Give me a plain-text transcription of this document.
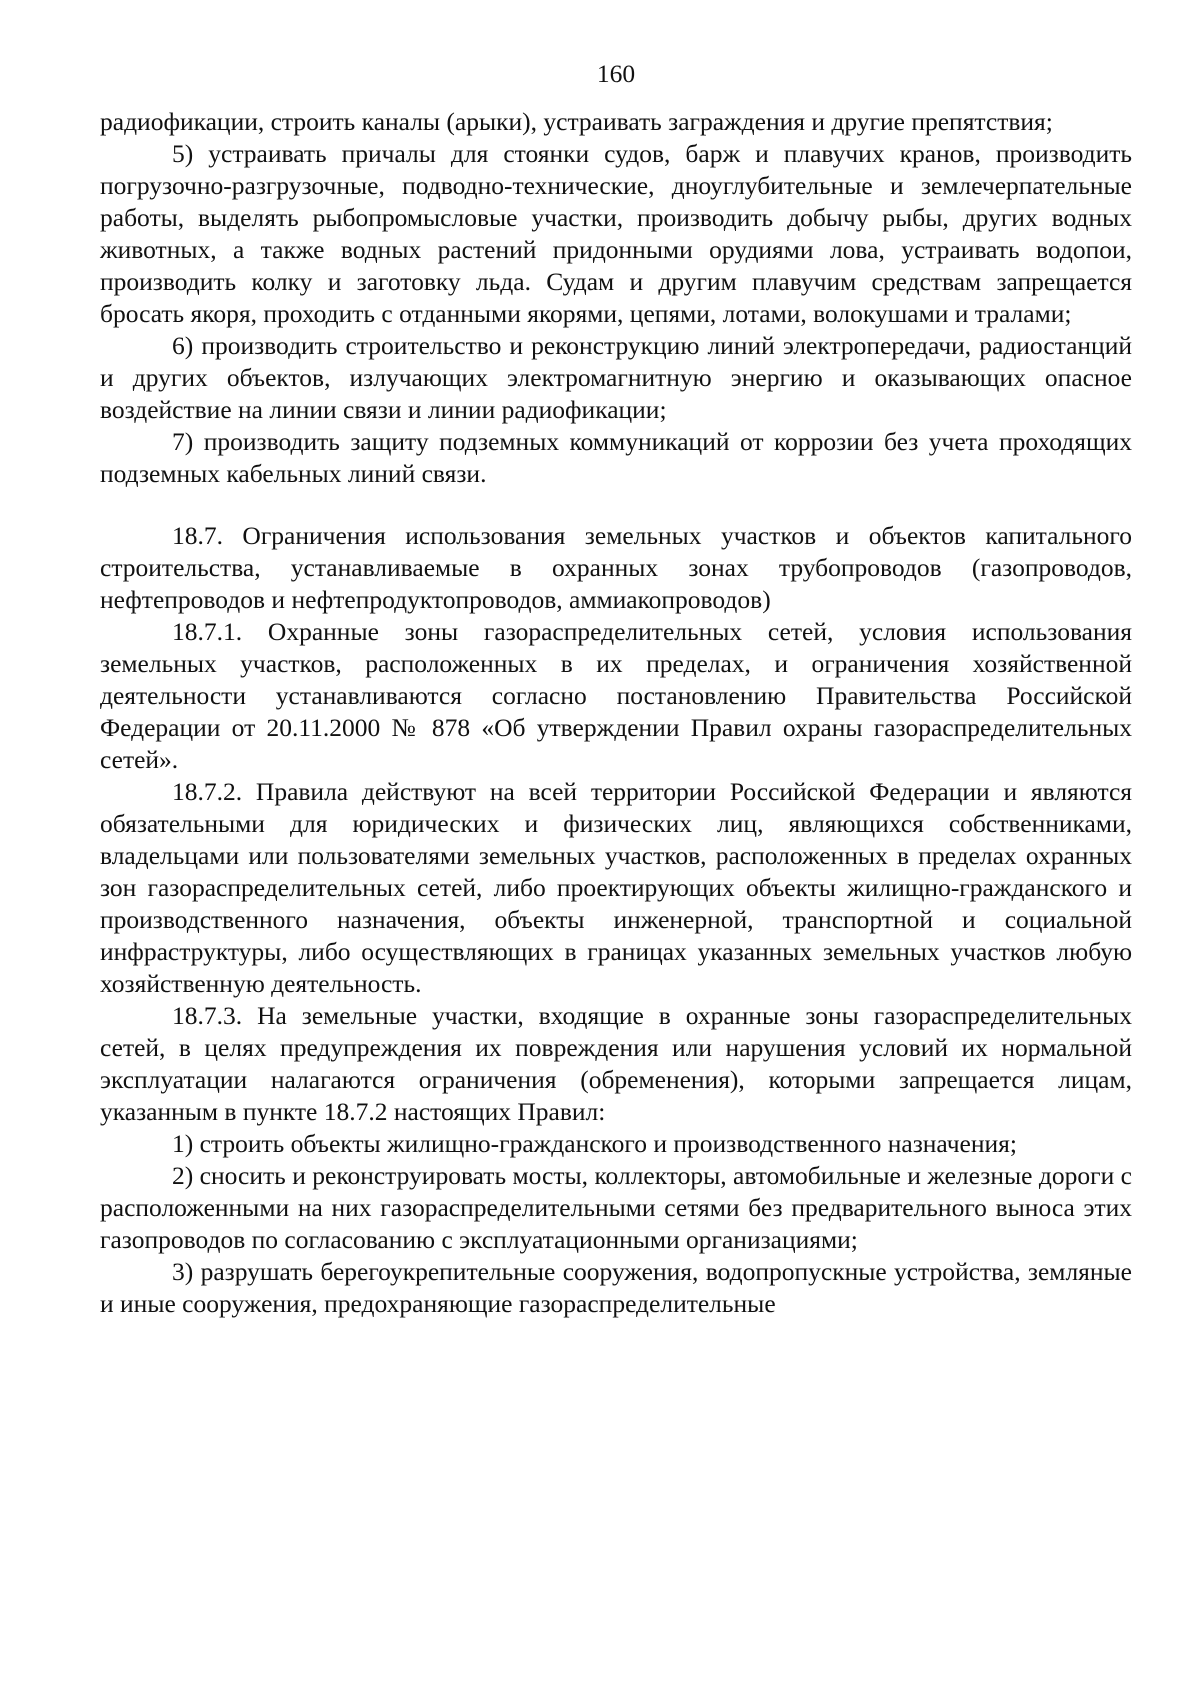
160

радиофикации, строить каналы (арыки), устраивать заграждения и другие препятствия;

5) устраивать причалы для стоянки судов, барж и плавучих кранов, производить погрузочно-разгрузочные, подводно-технические, дноуглубительные и землечерпательные работы, выделять рыбопромысловые участки, производить добычу рыбы, других водных животных, а также водных растений придонными орудиями лова, устраивать водопои, производить колку и заготовку льда. Судам и другим плавучим средствам запрещается бросать якоря, проходить с отданными якорями, цепями, лотами, волокушами и тралами;

6) производить строительство и реконструкцию линий электропередачи, радиостанций и других объектов, излучающих электромагнитную энергию и оказывающих опасное воздействие на линии связи и линии радиофикации;

7) производить защиту подземных коммуникаций от коррозии без учета проходящих подземных кабельных линий связи.

18.7. Ограничения использования земельных участков и объектов капитального строительства, устанавливаемые в охранных зонах трубопроводов (газопроводов, нефтепроводов и нефтепродуктопроводов, аммиакопроводов)

18.7.1. Охранные зоны газораспределительных сетей, условия использования земельных участков, расположенных в их пределах, и ограничения хозяйственной деятельности устанавливаются согласно постановлению Правительства Российской Федерации от 20.11.2000 № 878 «Об утверждении Правил охраны газораспределительных сетей».

18.7.2. Правила действуют на всей территории Российской Федерации и являются обязательными для юридических и физических лиц, являющихся собственниками, владельцами или пользователями земельных участков, расположенных в пределах охранных зон газораспределительных сетей, либо проектирующих объекты жилищно-гражданского и производственного назначения, объекты инженерной, транспортной и социальной инфраструктуры, либо осуществляющих в границах указанных земельных участков любую хозяйственную деятельность.

18.7.3. На земельные участки, входящие в охранные зоны газораспределительных сетей, в целях предупреждения их повреждения или нарушения условий их нормальной эксплуатации налагаются ограничения (обременения), которыми запрещается лицам, указанным в пункте 18.7.2 настоящих Правил:

1) строить объекты жилищно-гражданского и производственного назначения;

2) сносить и реконструировать мосты, коллекторы, автомобильные и железные дороги с расположенными на них газораспределительными сетями без предварительного выноса этих газопроводов по согласованию с эксплуатационными организациями;

3) разрушать берегоукрепительные сооружения, водопропускные устройства, земляные и иные сооружения, предохраняющие газораспределительные
